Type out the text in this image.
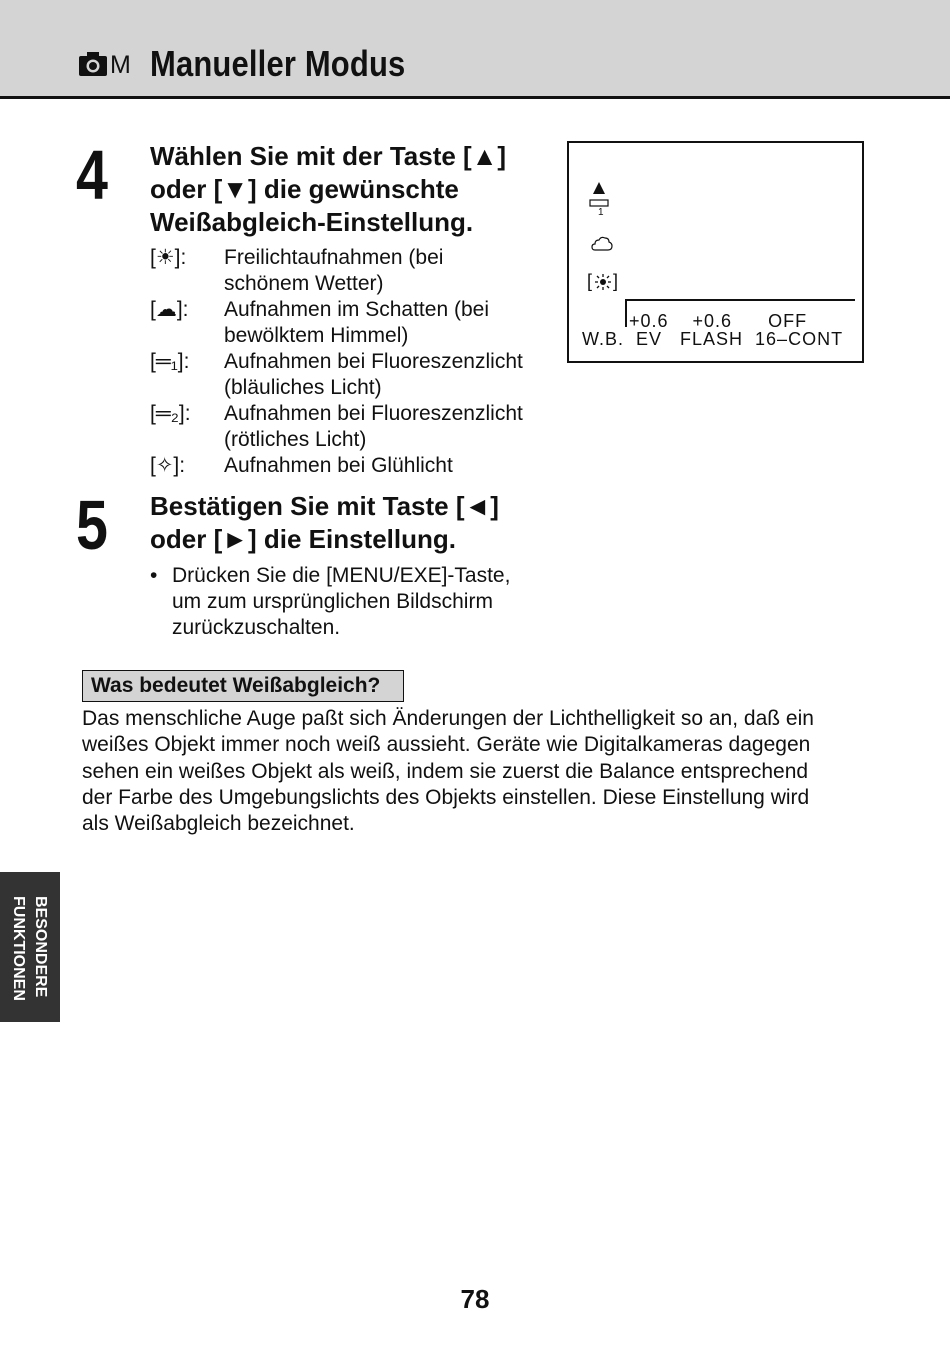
M Manueller Modus
4 Wählen Sie mit der Taste [▲]
oder [▼] die gewünschte
Weißabgleich-Einstellung.
[☀]: Freilichtaufnahmen (bei
schönem Wetter)
[☁]: Aufnahmen im Schatten (bei
bewölktem Himmel)
[═₁]: Aufnahmen bei Fluoreszenzlicht
(bläuliches Licht)
[═₂]: Aufnahmen bei Fluoreszenzlicht
(rötliches Licht)
[✧]: Aufnahmen bei Glühlicht
5 Bestätigen Sie mit Taste [◄]
oder [►] die Einstellung.
• Drücken Sie die [MENU/EXE]-Taste,
um zum ursprünglichen Bildschirm
zurückzuschalten.
1
[ ]
+0.6    +0.6      OFF
W.B.  EV   FLASH  16–CONT
Was bedeutet Weißabgleich?
Das menschliche Auge paßt sich Änderungen der Lichthelligkeit so an, daß ein
weißes Objekt immer noch weiß aussieht. Geräte wie Digitalkameras dagegen
sehen ein weißes Objekt als weiß, indem sie zuerst die Balance entsprechend
der Farbe des Umgebungslichts des Objekts einstellen. Diese Einstellung wird
als Weißabgleich bezeichnet.
BESONDERE
FUNKTIONEN
78
